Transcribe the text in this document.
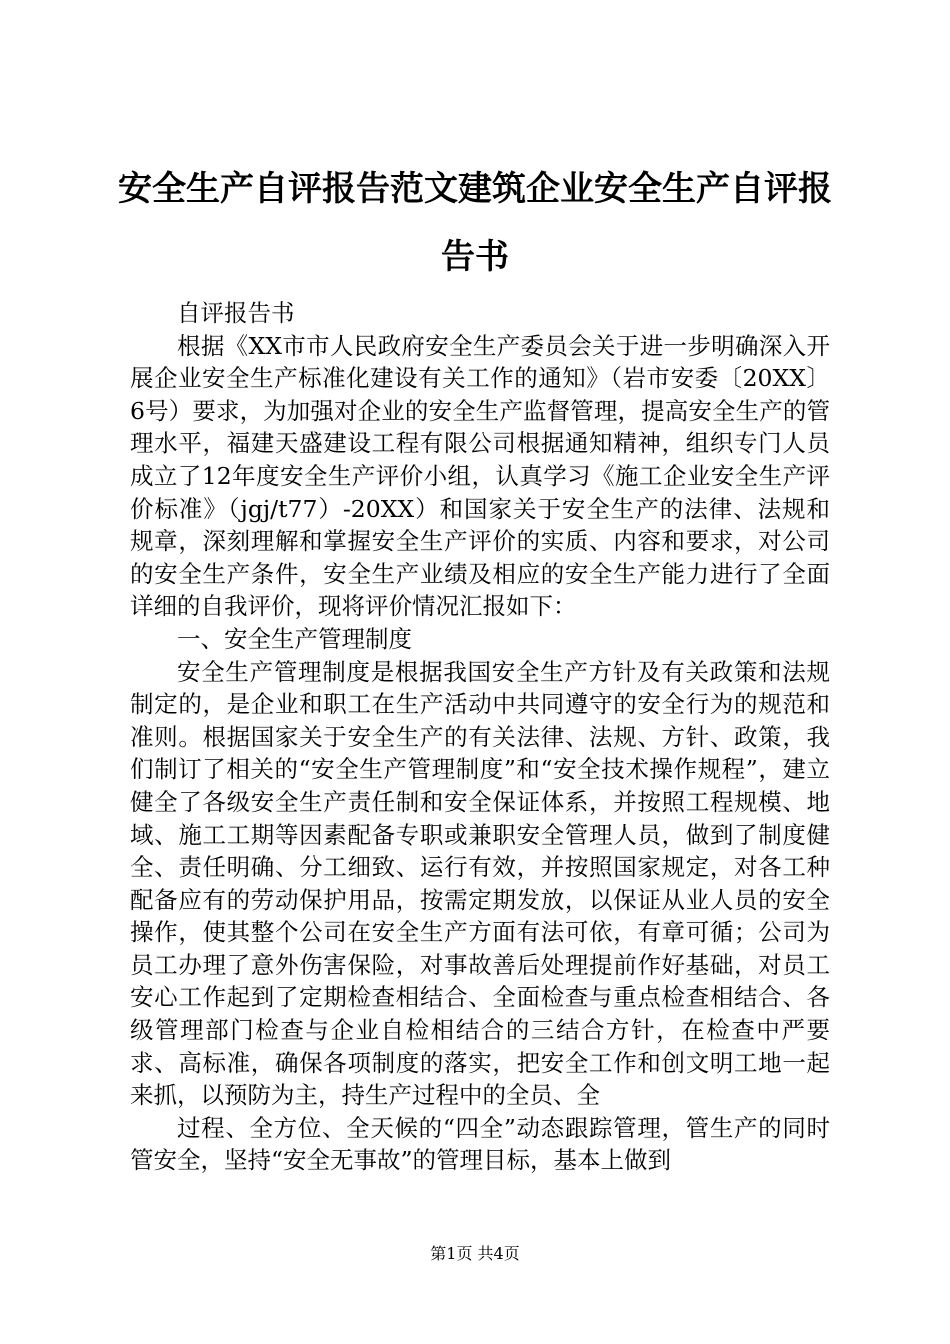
安全生产自评报告范文建筑企业安全生产自评报告书

自评报告书

根据《XX市市人民政府安全生产委员会关于进一步明确深入开展企业安全生产标准化建设有关工作的通知》（岩市安委〔20XX〕6号）要求，为加强对企业的安全生产监督管理，提高安全生产的管理水平，福建天盛建设工程有限公司根据通知精神，组织专门人员成立了12年度安全生产评价小组，认真学习《施工企业安全生产评价标准》（jgj/t77）-20XX）和国家关于安全生产的法律、法规和规章，深刻理解和掌握安全生产评价的实质、内容和要求，对公司的安全生产条件，安全生产业绩及相应的安全生产能力进行了全面详细的自我评价，现将评价情况汇报如下：

一、安全生产管理制度

安全生产管理制度是根据我国安全生产方针及有关政策和法规制定的，是企业和职工在生产活动中共同遵守的安全行为的规范和准则。根据国家关于安全生产的有关法律、法规、方针、政策，我们制订了相关的“安全生产管理制度”和“安全技术操作规程”，建立健全了各级安全生产责任制和安全保证体系，并按照工程规模、地域、施工工期等因素配备专职或兼职安全管理人员，做到了制度健全、责任明确、分工细致、运行有效，并按照国家规定，对各工种配备应有的劳动保护用品，按需定期发放，以保证从业人员的安全操作，使其整个公司在安全生产方面有法可依，有章可循；公司为员工办理了意外伤害保险，对事故善后处理提前作好基础，对员工安心工作起到了定期检查相结合、全面检查与重点检查相结合、各级管理部门检查与企业自检相结合的三结合方针，在检查中严要求、高标准，确保各项制度的落实，把安全工作和创文明工地一起来抓，以预防为主，持生产过程中的全员、全

过程、全方位、全天候的“四全”动态跟踪管理，管生产的同时管安全，坚持“安全无事故”的管理目标，基本上做到

第1页 共4页
